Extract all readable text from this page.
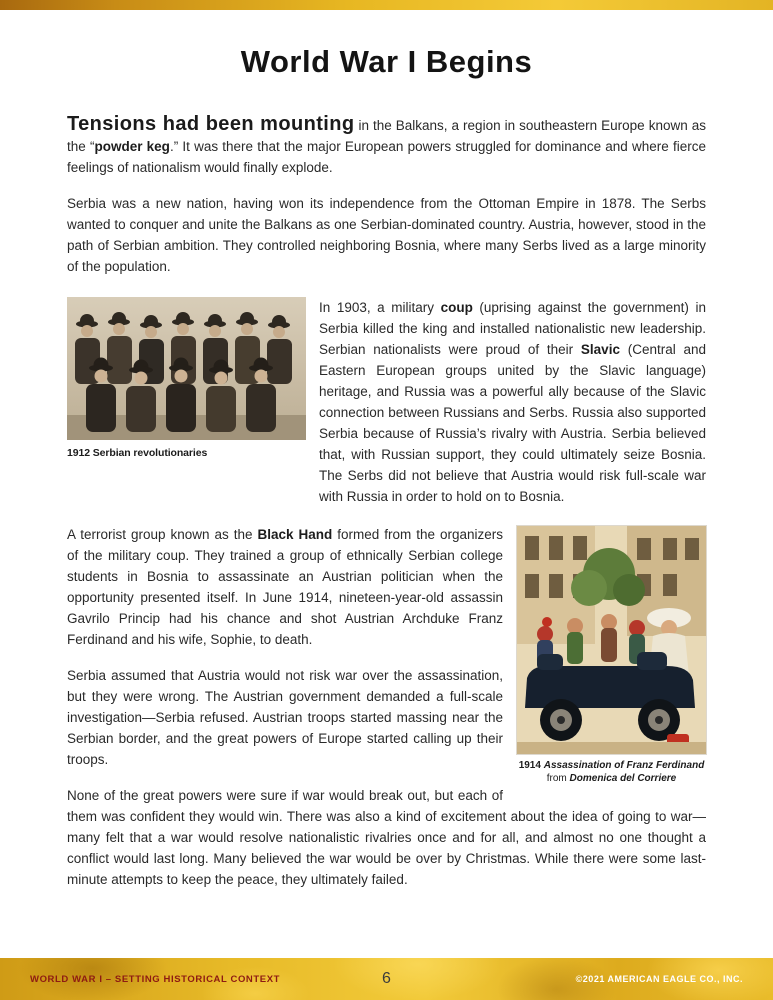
World War I Begins

Tensions had been mounting in the Balkans, a region in southeastern Europe known as the “powder keg.” It was there that the major European powers struggled for dominance and where fierce feelings of nationalism would finally explode.

Serbia was a new nation, having won its independence from the Ottoman Empire in 1878. The Serbs wanted to conquer and unite the Balkans as one Serbian-dominated country. Austria, however, stood in the path of Serbian ambition. They controlled neighboring Bosnia, where many Serbs lived as a large minority of the population.

1912 Serbian revolutionaries

In 1903, a military coup (uprising against the government) in Serbia killed the king and installed nationalistic new leadership. Serbian nationalists were proud of their Slavic (Central and Eastern European groups united by the Slavic language) heritage, and Russia was a powerful ally because of the Slavic connection between Russians and Serbs. Russia also supported Serbia because of Russia’s rivalry with Austria. Serbia believed that, with Russian support, they could ultimately seize Bosnia. The Serbs did not believe that Austria would risk full-scale war with Russia in order to hold on to Bosnia.

1914 Assassination of Franz Ferdinand from Domenica del Corriere

A terrorist group known as the Black Hand formed from the organizers of the military coup. They trained a group of ethnically Serbian college students in Bosnia to assassinate an Austrian politician when the opportunity presented itself. In June 1914, nineteen-year-old assassin Gavrilo Princip had his chance and shot Austrian Archduke Franz Ferdinand and his wife, Sophie, to death.

Serbia assumed that Austria would not risk war over the assassination, but they were wrong. The Austrian government demanded a full-scale investigation—Serbia refused. Austrian troops started massing near the Serbian border, and the great powers of Europe started calling up their troops.

None of the great powers were sure if war would break out, but each of them was confident they would win. There was also a kind of excitement about the idea of going to war—many felt that a war would resolve nationalistic rivalries once and for all, and almost no one thought a conflict would last long. Many believed the war would be over by Christmas. While there were some last-minute attempts to keep the peace, they ultimately failed.

WORLD WAR I – SETTING HISTORICAL CONTEXT	6	©2021 AMERICAN EAGLE CO., INC.
